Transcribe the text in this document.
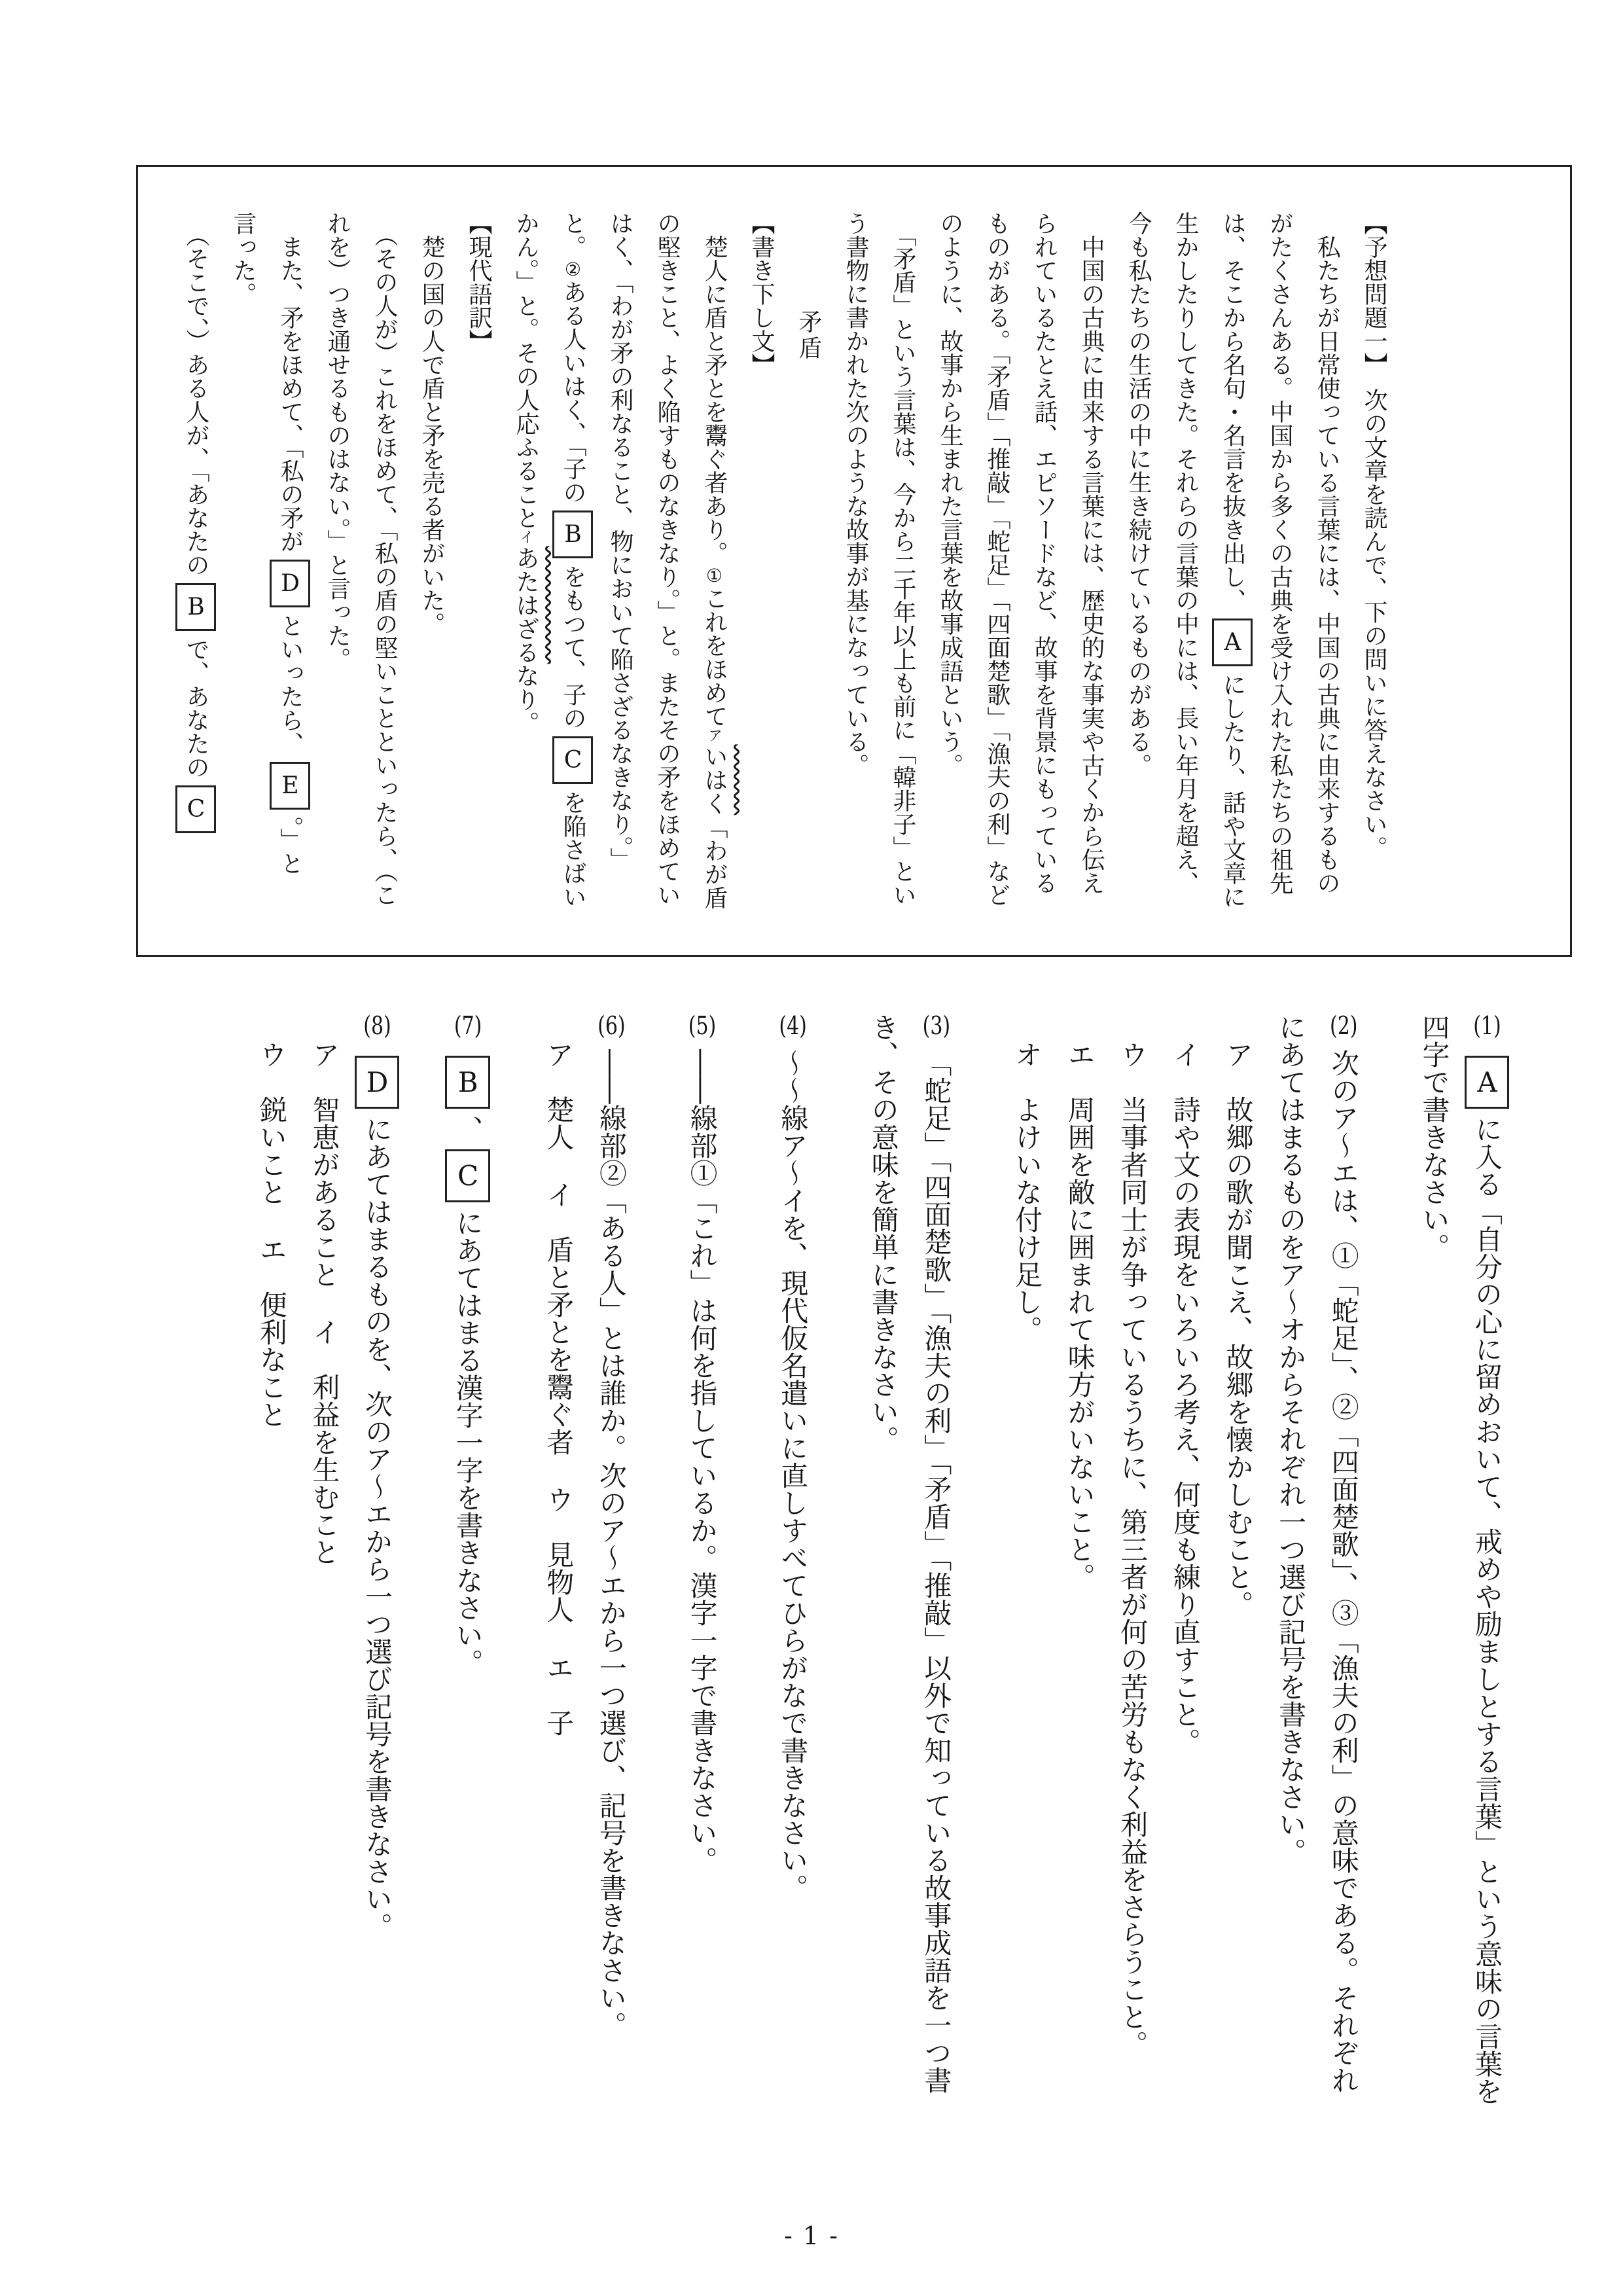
【予想問題一】　次の文章を読んで、下の問いに答えなさい。

　私たちが日常使っている言葉には、中国の古典に由来するものがたくさんある。中国から多くの古典を受け入れた私たちの祖先は、そこから名句・名言を抜き出し、Aにしたり、話や文章に生かしたりしてきた。それらの言葉の中には、長い年月を超え、今も私たちの生活の中に生き続けているものがある。

　中国の古典に由来する言葉には、歴史的な事実や古くから伝えられているたとえ話、エピソードなど、故事を背景にもっているものがある。「矛盾」「推敲」「蛇足」「四面楚歌」「漁夫の利」などのように、故事から生まれた言葉を故事成語という。

　「矛盾」という言葉は、今から二千年以上も前に「韓非子」という書物に書かれた次のような故事が基になっている。

矛盾

【書き下し文】

　楚人に盾と矛とを鬻ぐ者あり。①これをほめてアいはく「わが盾の堅きこと、よく陥すものなきなり。」と。またその矛をほめていはく、「わが矛の利なること、物において陥さざるなきなり。」と。②ある人いはく、「子のBをもつて、子のCを陥さばいかん。」と。その人応ふることイあたはざるなり。

【現代語訳】

　楚の国の人で盾と矛を売る者がいた。

　（その人が）これをほめて、「私の盾の堅いことといったら、（これを）つき通せるものはない。」と言った。

　また、矛をほめて、「私の矛がDといったら、E。」と言った。

　（そこで、）ある人が、「あなたのBで、あなたのC

(1)Aに入る「自分の心に留めおいて、戒めや励ましとする言葉」という意味の言葉を四字で書きなさい。

(2)次のア〜エは、①「蛇足」、②「四面楚歌」、③「漁夫の利」の意味である。それぞれにあてはまるものをア〜オからそれぞれ一つ選び記号を書きなさい。

ア　故郷の歌が聞こえ、故郷を懐かしむこと。

イ　詩や文の表現をいろいろ考え、何度も練り直すこと。

ウ　当事者同士が争っているうちに、第三者が何の苦労もなく利益をさらうこと。

エ　周囲を敵に囲まれて味方がいないこと。

オ　よけいな付け足し。

(3)「蛇足」「四面楚歌」「漁夫の利」「矛盾」「推敲」以外で知っている故事成語を一つ書き、その意味を簡単に書きなさい。

(4)〜〜線ア〜イを、現代仮名遣いに直しすべてひらがなで書きなさい。

(5)――線部①「これ」は何を指しているか。漢字一字で書きなさい。

(6)――線部②「ある人」とは誰か。次のア〜エから一つ選び、記号を書きなさい。

ア　楚人イ　盾と矛とを鬻ぐ者ウ　見物人エ　子

(7)B、Cにあてはまる漢字一字を書きなさい。

(8)Dにあてはまるものを、次のア〜エから一つ選び記号を書きなさい。

ア　智恵があることイ　利益を生むこと

ウ　鋭いことエ　便利なこと

- 1 -
